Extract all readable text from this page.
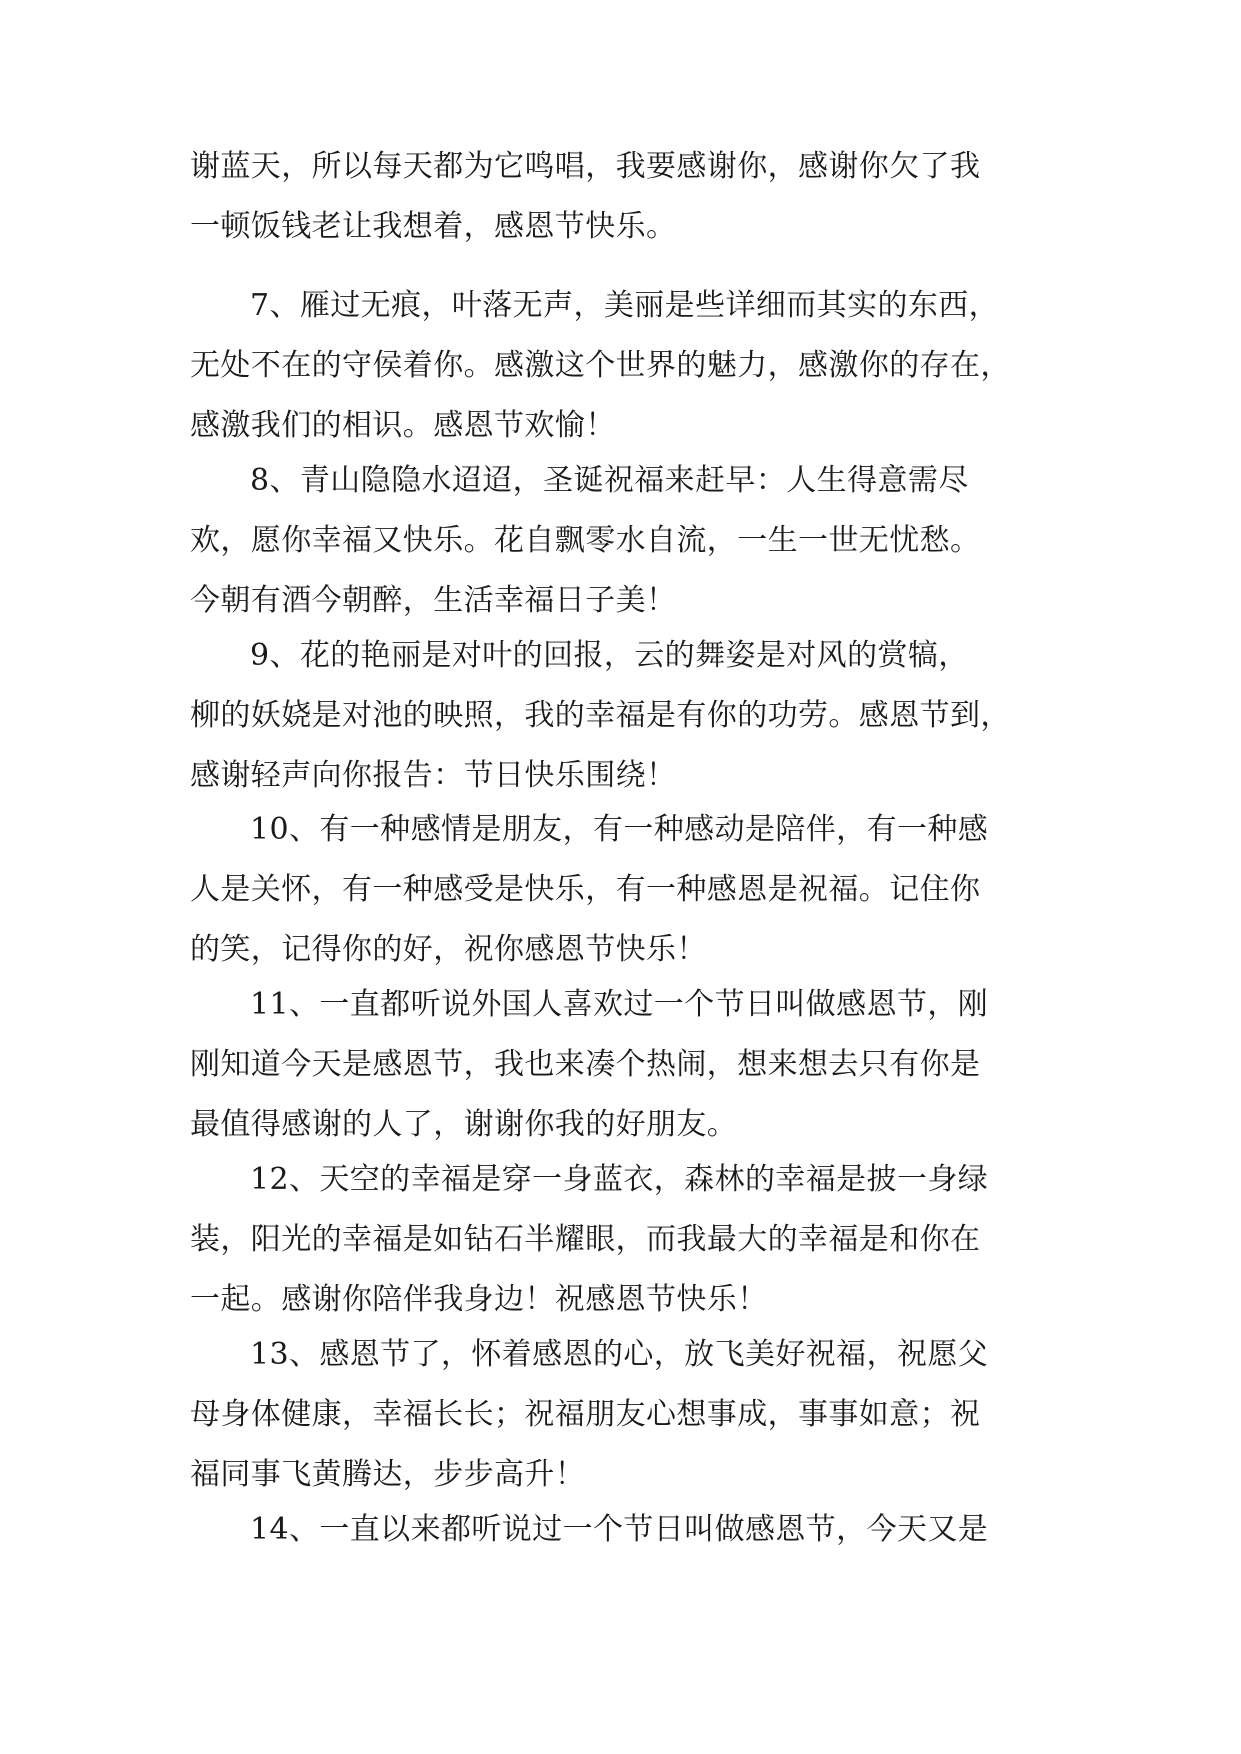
谢蓝天，所以每天都为它鸣唱，我要感谢你，感谢你欠了我
一顿饭钱老让我想着，感恩节快乐。
7、雁过无痕，叶落无声，美丽是些详细而其实的东西，
无处不在的守侯着你。感激这个世界的魅力，感激你的存在，
感激我们的相识。感恩节欢愉！
8、青山隐隐水迢迢，圣诞祝福来赶早：人生得意需尽
欢，愿你幸福又快乐。花自飘零水自流，一生一世无忧愁。
今朝有酒今朝醉，生活幸福日子美！
9、花的艳丽是对叶的回报，云的舞姿是对风的赏犒，
柳的妖娆是对池的映照，我的幸福是有你的功劳。感恩节到，
感谢轻声向你报告：节日快乐围绕！
10、有一种感情是朋友，有一种感动是陪伴，有一种感
人是关怀，有一种感受是快乐，有一种感恩是祝福。记住你
的笑，记得你的好，祝你感恩节快乐！
11、一直都听说外国人喜欢过一个节日叫做感恩节，刚
刚知道今天是感恩节，我也来凑个热闹，想来想去只有你是
最值得感谢的人了，谢谢你我的好朋友。
12、天空的幸福是穿一身蓝衣，森林的幸福是披一身绿
装，阳光的幸福是如钻石半耀眼，而我最大的幸福是和你在
一起。感谢你陪伴我身边！祝感恩节快乐！
13、感恩节了，怀着感恩的心，放飞美好祝福，祝愿父
母身体健康，幸福长长；祝福朋友心想事成，事事如意；祝
福同事飞黄腾达，步步高升！
14、一直以来都听说过一个节日叫做感恩节，今天又是
